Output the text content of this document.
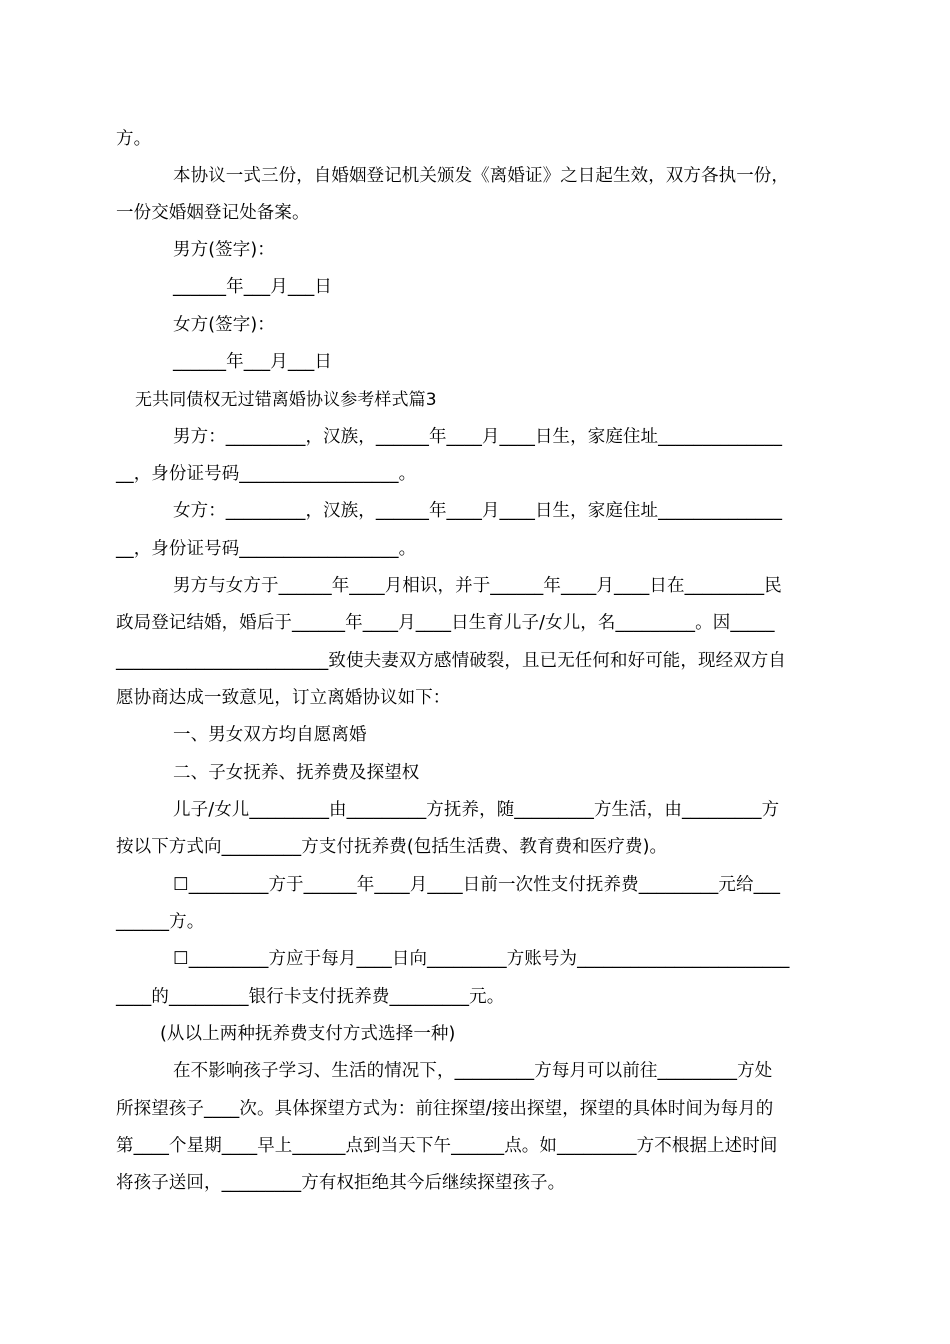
方。
本协议一式三份，自婚姻登记机关颁发《离婚证》之日起生效，双方各执一份，
一份交婚姻登记处备案。
男方(签字)：
______年___月___日
女方(签字)：
______年___月___日
无共同债权无过错离婚协议参考样式篇3
男方：_________，汉族，______年____月____日生，家庭住址______________
__，身份证号码__________________。
女方：_________，汉族，______年____月____日生，家庭住址______________
__，身份证号码__________________。
男方与女方于______年____月相识，并于______年____月____日在_________民
政局登记结婚，婚后于______年____月____日生育儿子/女儿，名_________。因_____
________________________致使夫妻双方感情破裂，且已无任何和好可能，现经双方自
愿协商达成一致意见，订立离婚协议如下：
一、男女双方均自愿离婚
二、子女抚养、抚养费及探望权
儿子/女儿_________由_________方抚养，随_________方生活，由_________方
按以下方式向_________方支付抚养费(包括生活费、教育费和医疗费)。
☐_________方于______年____月____日前一次性支付抚养费_________元给___
______方。
☐_________方应于每月____日向_________方账号为________________________
____的_________银行卡支付抚养费_________元。
(从以上两种抚养费支付方式选择一种)
在不影响孩子学习、生活的情况下，_________方每月可以前往_________方处
所探望孩子____次。具体探望方式为：前往探望/接出探望，探望的具体时间为每月的
第____个星期____早上______点到当天下午______点。如_________方不根据上述时间
将孩子送回，_________方有权拒绝其今后继续探望孩子。
